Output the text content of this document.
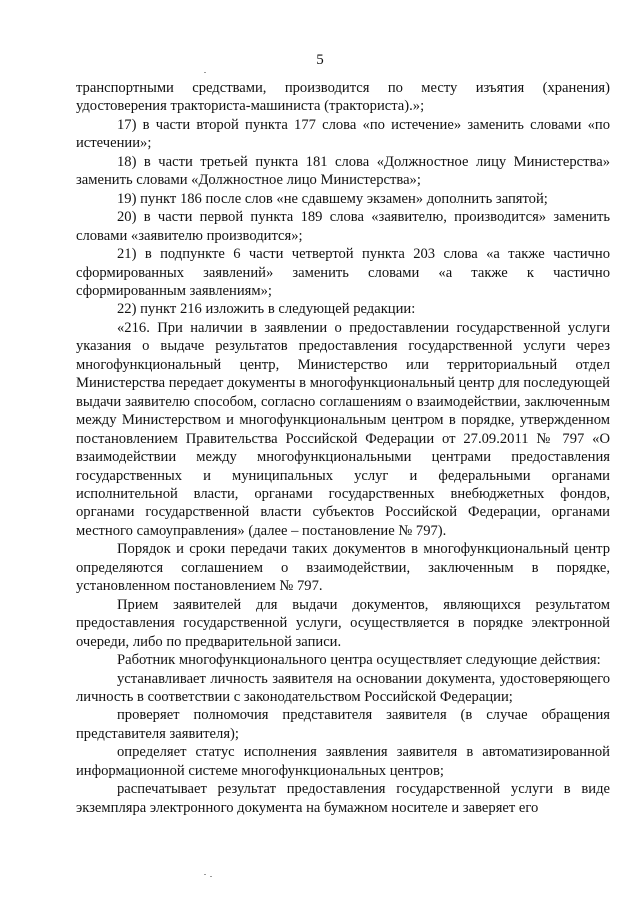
5

транспортными средствами, производится по месту изъятия (хранения) удостоверения тракториста-машиниста (тракториста).»;

17) в части второй пункта 177 слова «по истечение» заменить словами «по истечении»;

18) в части третьей пункта 181 слова «Должностное лицу Министерства» заменить словами «Должностное лицо Министерства»;

19) пункт 186 после слов «не сдавшему экзамен» дополнить запятой;

20) в части первой пункта 189 слова «заявителю, производится» заменить словами «заявителю производится»;

21) в подпункте 6 части четвертой пункта 203 слова «а также частично сформированных заявлений» заменить словами «а также к частично сформированным заявлениям»;

22) пункт 216 изложить в следующей редакции:

«216. При наличии в заявлении о предоставлении государственной услуги указания о выдаче результатов предоставления государственной услуги через многофункциональный центр, Министерство или территориальный отдел Министерства передает документы в многофункциональный центр для последующей выдачи заявителю способом, согласно соглашениям о взаимодействии, заключенным между Министерством и многофункциональным центром в порядке, утвержденном постановлением Правительства Российской Федерации от 27.09.2011 № 797 «О взаимодействии между многофункциональными центрами предоставления государственных и муниципальных услуг и федеральными органами исполнительной власти, органами государственных внебюджетных фондов, органами государственной власти субъектов Российской Федерации, органами местного самоуправления» (далее – постановление № 797).

Порядок и сроки передачи таких документов в многофункциональный центр определяются соглашением о взаимодействии, заключенным в порядке, установленном постановлением № 797.

Прием заявителей для выдачи документов, являющихся результатом предоставления государственной услуги, осуществляется в порядке электронной очереди, либо по предварительной записи.

Работник многофункционального центра осуществляет следующие действия:

устанавливает личность заявителя на основании документа, удостоверяющего личность в соответствии с законодательством Российской Федерации;

проверяет полномочия представителя заявителя (в случае обращения представителя заявителя);

определяет статус исполнения заявления заявителя в автоматизированной информационной системе многофункциональных центров;

распечатывает результат предоставления государственной услуги в виде экземпляра электронного документа на бумажном носителе и заверяет его
